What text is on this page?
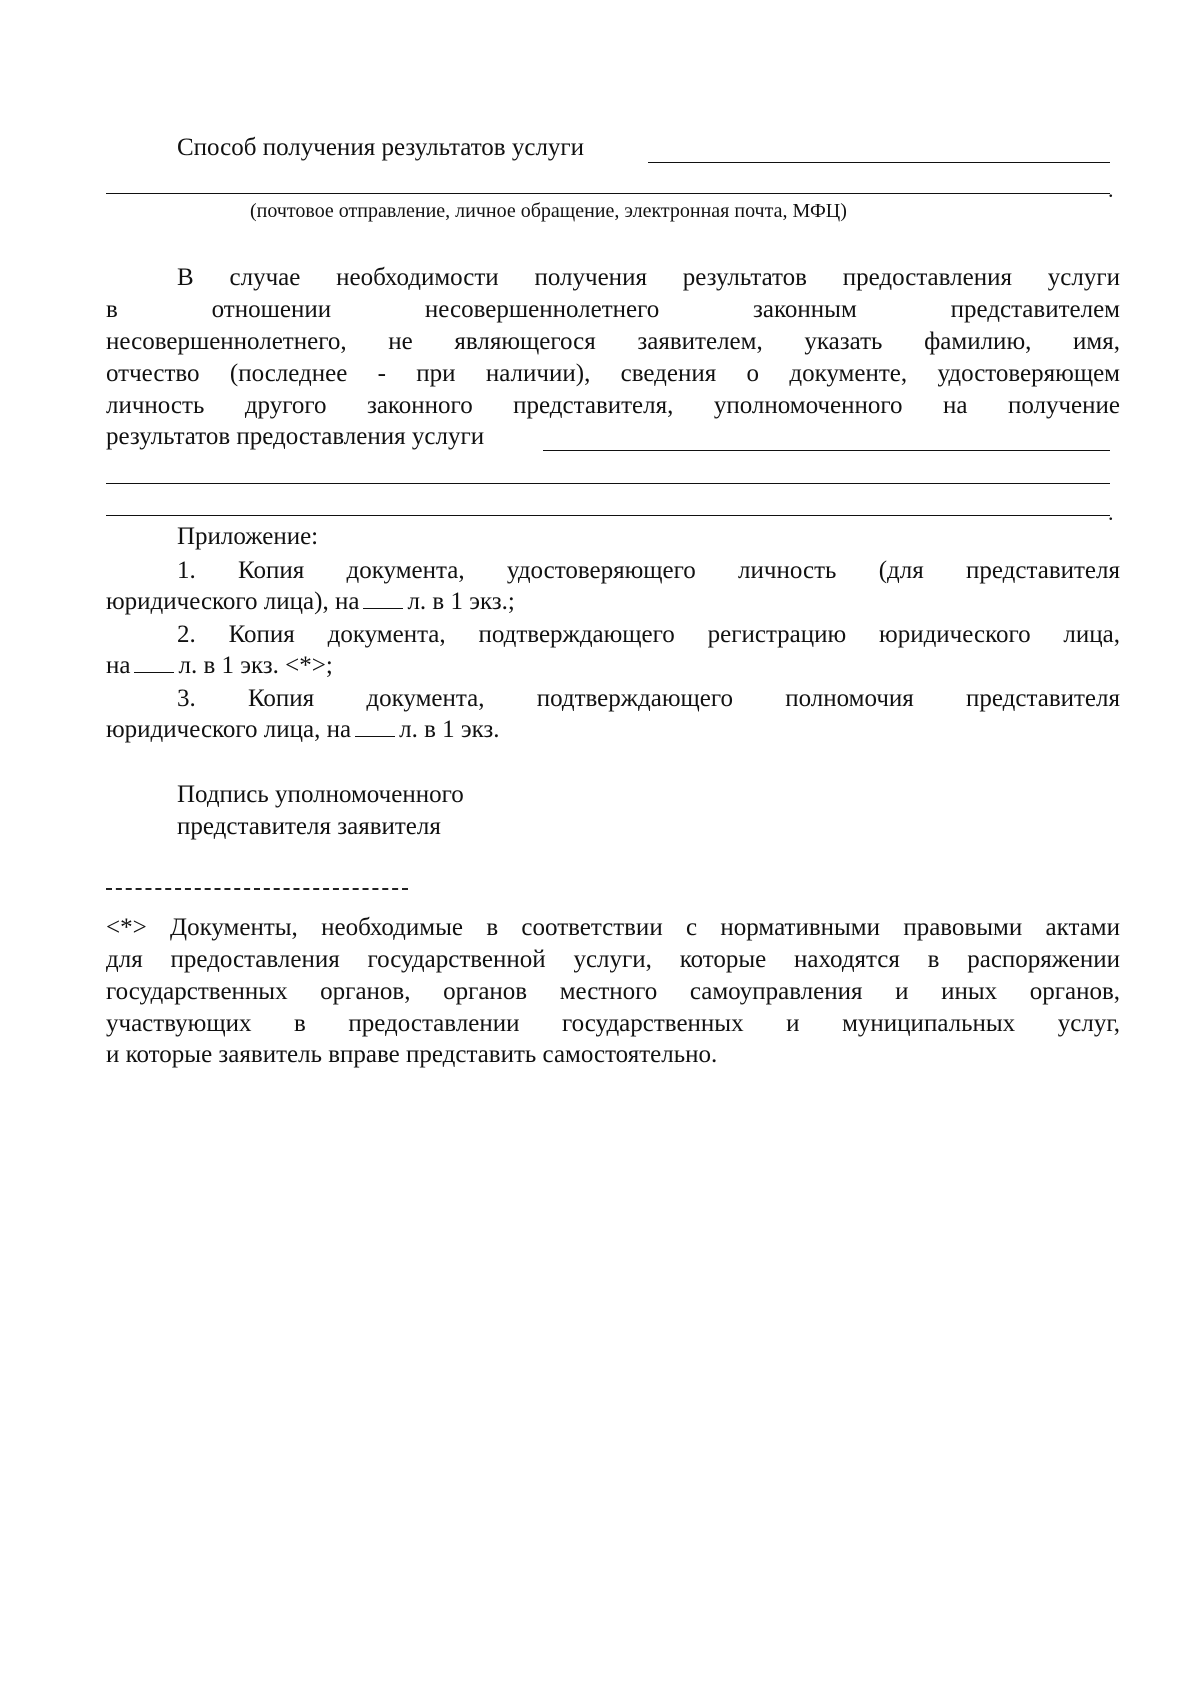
Способ получения результатов услуги
.
(почтовое отправление, личное обращение, электронная почта, МФЦ)
В случае необходимости получения результатов предоставления услуги
в отношении несовершеннолетнего законным представителем
несовершеннолетнего, не являющегося заявителем, указать фамилию, имя,
отчество (последнее - при наличии), сведения о документе, удостоверяющем
личность другого законного представителя, уполномоченного на получение
результатов предоставления услуги
.
Приложение:
1. Копия документа, удостоверяющего личность (для представителя
юридического лица), на л. в 1 экз.;
2. Копия документа, подтверждающего регистрацию юридического лица,
на л. в 1 экз. <*>;
3. Копия документа, подтверждающего полномочия представителя
юридического лица, на л. в 1 экз.
Подпись уполномоченного
представителя заявителя
<*> Документы, необходимые в соответствии с нормативными правовыми актами
для предоставления государственной услуги, которые находятся в распоряжении
государственных органов, органов местного самоуправления и иных органов,
участвующих в предоставлении государственных и муниципальных услуг,
и которые заявитель вправе представить самостоятельно.
